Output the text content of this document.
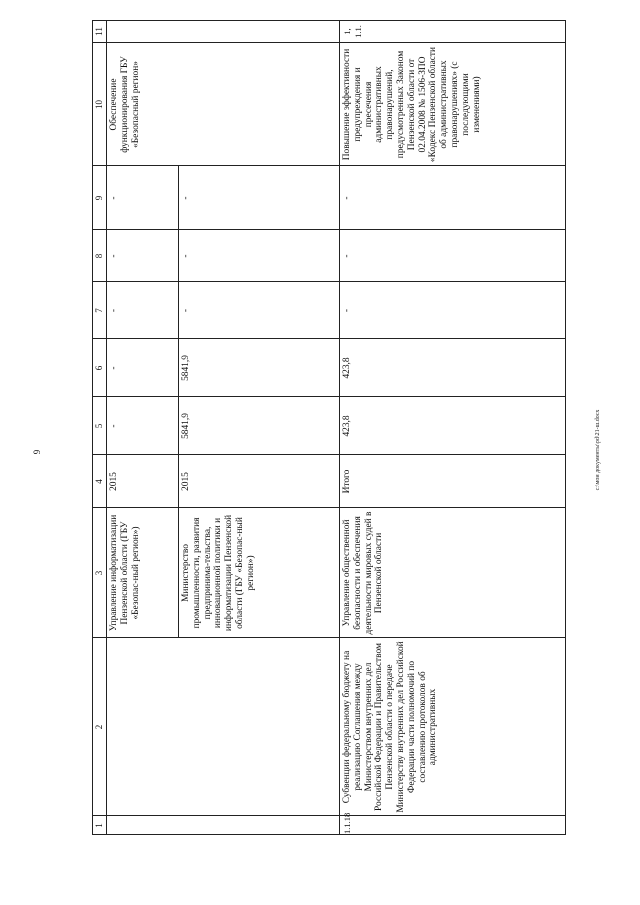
9
1
2
3
4
5
6
7
8
9
10
11
Управление информатизации Пензенской области (ГБУ «Безопас-ный регион»)
2015
-
-
-
-
-
Обеспечение функционирования ГБУ «Безопасный регион»
Министерство промышленности, развития предпринима-тельства, инновационной политики и информатизации Пензенской области (ГБУ «Безопас-ный регион»)
2015
5841,9
5841,9
-
-
-
1.1.18
Субвенции федеральному бюджету на реализацию Соглашения между Министерством внутренних дел Российской Федерации и Правительством Пензенской области о передаче Министерству внутренних дел Российской Федерации части полномочий по составлению протоколов об административных
Управление общественной безопасности и обеспечения деятельности мировых судей в Пензенской области
Итого
423,8
423,8
-
-
-
Повышение эффективности предупреждения и пресечения административных правонарушений, предусмотренных Законом Пензенской области от 02.04.2008 № 1506-ЗПО «Кодекс Пензенской области об административных правонарушениях» (с последующими изменениями)
1, 1.1.
c:\мои документы\pd\21-ш.docx
